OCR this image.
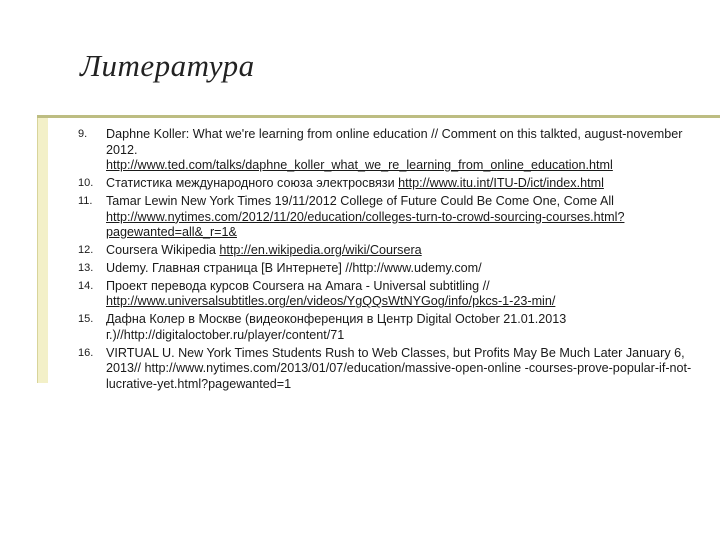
Литература
9. Daphne Koller: What we're learning from online education // Comment on this talkted, august-november 2012.
http://www.ted.com/talks/daphne_koller_what_we_re_learning_from_online_education.html
10. Статистика международного союза электросвязи http://www.itu.int/ITU-D/ict/index.html
11. Tamar Lewin New York Times 19/11/2012 College of Future Could Be Come One, Come All
http://www.nytimes.com/2012/11/20/education/colleges-turn-to-crowd-sourcing-courses.html?pagewanted=all&_r=1&
12. Coursera Wikipedia http://en.wikipedia.org/wiki/Coursera
13. Udemy. Главная страница [В Интернете] //http://www.udemy.com/
14. Проект перевода курсов Coursera на Amara - Universal subtitling //
http://www.universalsubtitles.org/en/videos/YgQQsWtNYGog/info/pkcs-1-23-min/
15. Дафна Колер в Москве (видеоконференция в Центр Digital October 21.01.2013 г.)//http://digitaloctober.ru/player/content/71
16. VIRTUAL U. New York Times Students Rush to Web Classes, but Profits May Be Much Later January 6, 2013// http://www.nytimes.com/2013/01/07/education/massive-open-online -courses-prove-popular-if-not-lucrative-yet.html?pagewanted=1
